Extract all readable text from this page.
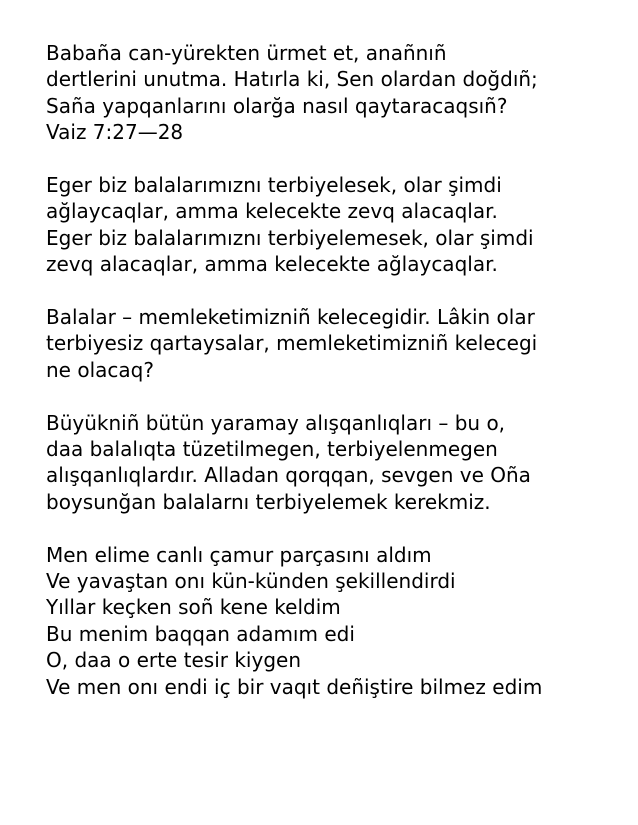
Babaña can-yürekten ürmet et, anañnıñ
dertlerini unutma. Hatırla ki, Sen olardan doğdıñ;
Saña yapqanlarını olarğa nasıl qaytaracaqsıñ?
Vaiz 7:27—28
Eger biz balalarımıznı terbiyelesek, olar şimdi
ağlaycaqlar, amma kelecekte zevq alacaqlar.
Eger biz balalarımıznı terbiyelemesek, olar şimdi
zevq alacaqlar, amma kelecekte ağlaycaqlar.
Balalar – memleketimizniñ kelecegidir. Lâkin olar
terbiyesiz qartaysalar, memleketimizniñ kelecegi
ne olacaq?
Büyükniñ bütün yaramay alışqanlıqları – bu o,
daa balalıqta tüzetilmegen, terbiyelenmegen
alışqanlıqlardır. Alladan qorqqan, sevgen ve Oña
boysunğan balalarnı terbiyelemek kerekmiz.
Men elime canlı çamur parçasını aldım
Ve yavaştan onı kün-künden şekillendirdi
Yıllar keçken soñ kene keldim
Bu menim baqqan adamım edi
O, daa o erte tesir kiygen
Ve men onı endi iç bir vaqıt deñiştire bilmez edim
